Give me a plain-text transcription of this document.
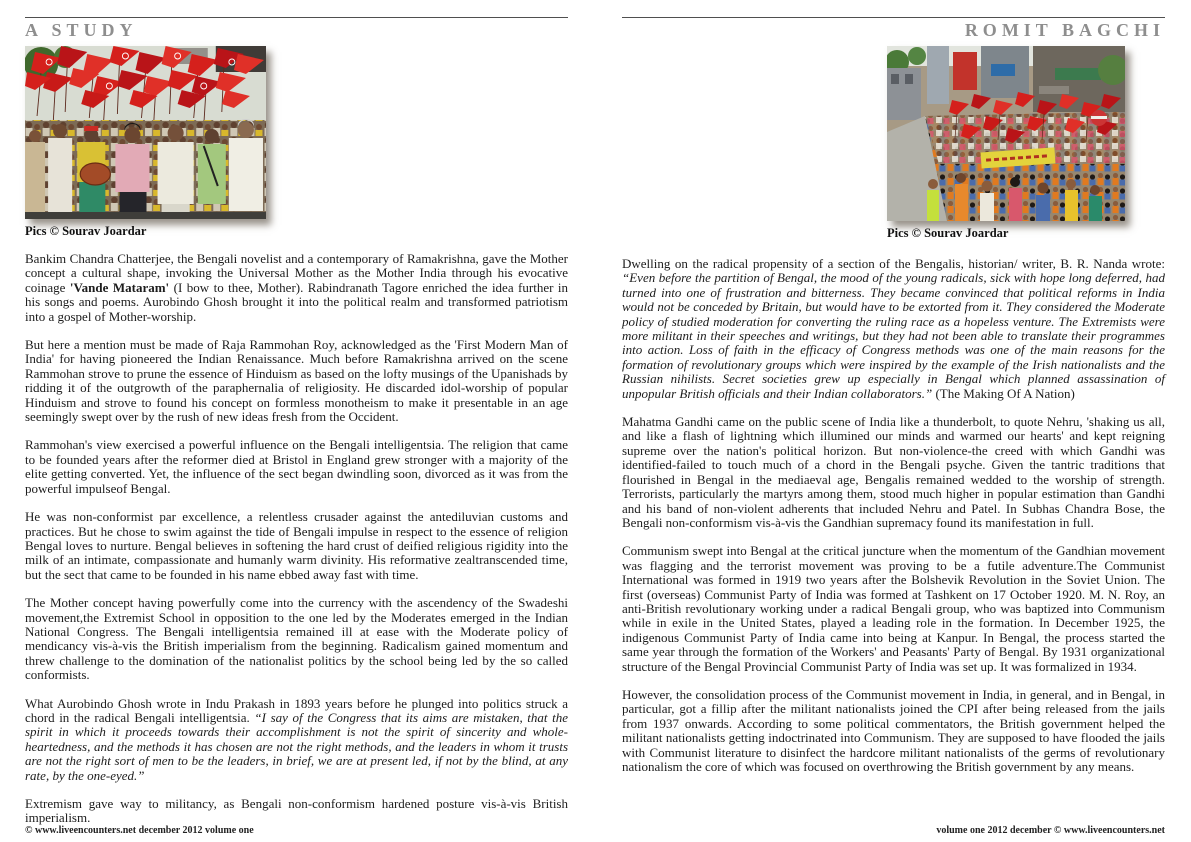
A STUDY
Pics © Sourav Joardar

Bankim Chandra Chatterjee, the Bengali novelist and a contemporary of Ramakrishna, gave the Mother concept a cultural shape, invoking the Universal Mother as the Mother India through his evocative coinage 'Vande Mataram' (I bow to thee, Mother). Rabindranath Tagore enriched the idea further in his songs and poems. Aurobindo Ghosh brought it into the political realm and transformed patriotism into a gospel of Mother-worship.

But here a mention must be made of Raja Rammohan Roy, acknowledged as the 'First Modern Man of India' for having pioneered the Indian Renaissance. Much before Ramakrishna arrived on the scene Rammohan strove to prune the essence of Hinduism as based on the lofty musings of the Upanishads by ridding it of the outgrowth of the paraphernalia of religiosity. He discarded idol-worship of popular Hinduism and strove to found his concept on formless monotheism to make it presentable in an age seemingly swept over by the rush of new ideas fresh from the Occident.

Rammohan's view exercised a powerful influence on the Bengali intelligentsia. The religion that came to be founded years after the reformer died at Bristol in England grew stronger with a majority of the elite getting converted. Yet, the influence of the sect began dwindling soon, divorced as it was from the powerful impulseof Bengal.

He was non-conformist par excellence, a relentless crusader against the antediluvian customs and practices. But he chose to swim against the tide of Bengali impulse in respect to the essence of religion Bengal loves to nurture. Bengal believes in softening the hard crust of deified religious rigidity into the milk of an intimate, compassionate and humanly warm divinity. His reformative zealtranscended time, but the sect that came to be founded in his name ebbed away fast with time.

The Mother concept having powerfully come into the currency with the ascendency of the Swadeshi movement,the Extremist School in opposition to the one led by the Moderates emerged in the Indian National Congress. The Bengali intelligentsia remained ill at ease with the Moderate policy of mendicancy vis-à-vis the British imperialism from the beginning. Radicalism gained momentum and threw challenge to the domination of the nationalist politics by the school being led by the so called conformists.

What Aurobindo Ghosh wrote in Indu Prakash in 1893 years before he plunged into politics struck a chord in the radical Bengali intelligentsia. “I say of the Congress that its aims are mistaken, that the spirit in which it proceeds towards their accomplishment is not the spirit of sincerity and whole-heartedness, and the methods it has chosen are not the right methods, and the leaders in whom it trusts are not the right sort of men to be the leaders, in brief, we are at present led, if not by the blind, at any rate, by the one-eyed.”

Extremism gave way to militancy, as Bengali non-conformism hardened posture vis-à-vis British imperialism.

© www.liveencounters.net december 2012 volume one
ROMIT BAGCHI
Pics © Sourav Joardar

Dwelling on the radical propensity of a section of the Bengalis, historian/ writer, B. R. Nanda wrote: “Even before the partition of Bengal, the mood of the young radicals, sick with hope long deferred, had turned into one of frustration and bitterness. They became convinced that political reforms in India would not be conceded by Britain, but would have to be extorted from it. They considered the Moderate policy of studied moderation for converting the ruling race as a hopeless venture. The Extremists were more militant in their speeches and writings, but they had not been able to translate their programmes into action. Loss of faith in the efficacy of Congress methods was one of the main reasons for the formation of revolutionary groups which were inspired by the example of the Irish nationalists and the Russian nihilists. Secret societies grew up especially in Bengal which planned assassination of unpopular British officials and their Indian collaborators.” (The Making Of A Nation)

Mahatma Gandhi came on the public scene of India like a thunderbolt, to quote Nehru, 'shaking us all, and like a flash of lightning which illumined our minds and warmed our hearts' and kept reigning supreme over the nation's political horizon. But non-violence-the creed with which Gandhi was identified-failed to touch much of a chord in the Bengali psyche. Given the tantric traditions that flourished in Bengal in the mediaeval age, Bengalis remained wedded to the worship of strength. Terrorists, particularly the martyrs among them, stood much higher in popular estimation than Gandhi and his band of non-violent adherents that included Nehru and Patel. In Subhas Chandra Bose, the Bengali non-conformism vis-à-vis the Gandhian supremacy found its manifestation in full.

Communism swept into Bengal at the critical juncture when the momentum of the Gandhian movement was flagging and the terrorist movement was proving to be a futile adventure.The Communist International was formed in 1919 two years after the Bolshevik Revolution in the Soviet Union. The first (overseas) Communist Party of India was formed at Tashkent on 17 October 1920. M. N. Roy, an anti-British revolutionary working under a radical Bengali group, who was baptized into Communism while in exile in the United States, played a leading role in the formation. In December 1925, the indigenous Communist Party of India came into being at Kanpur. In Bengal, the process started the same year through the formation of the Workers' and Peasants' Party of Bengal. By 1931 organizational structure of the Bengal Provincial Communist Party of India was set up. It was formalized in 1934.

However, the consolidation process of the Communist movement in India, in general, and in Bengal, in particular, got a fillip after the militant nationalists joined the CPI after being released from the jails from 1937 onwards. According to some political commentators, the British government helped the militant nationalists getting indoctrinated into Communism. They are supposed to have flooded the jails with Communist literature to disinfect the hardcore militant nationalists of the germs of revolutionary nationalism the core of which was focused on overthrowing the British government by any means.

volume one 2012 december © www.liveencounters.net
